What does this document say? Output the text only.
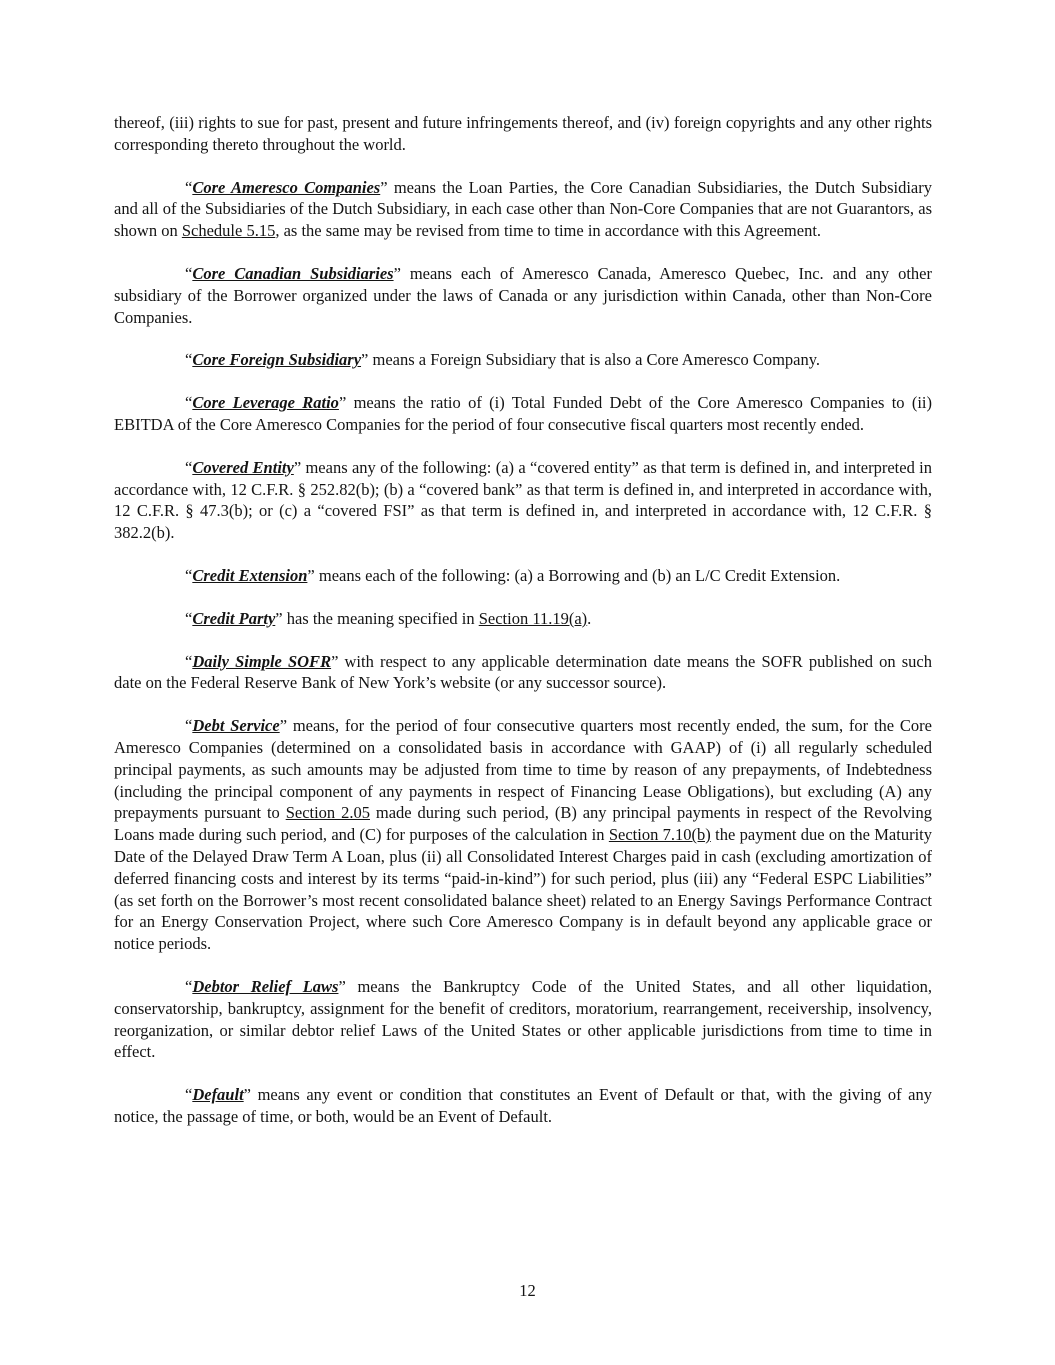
thereof, (iii) rights to sue for past, present and future infringements thereof, and (iv) foreign copyrights and any other rights corresponding thereto throughout the world.

“Core Ameresco Companies” means the Loan Parties, the Core Canadian Subsidiaries, the Dutch Subsidiary and all of the Subsidiaries of the Dutch Subsidiary, in each case other than Non-Core Companies that are not Guarantors, as shown on Schedule 5.15, as the same may be revised from time to time in accordance with this Agreement.

“Core Canadian Subsidiaries” means each of Ameresco Canada, Ameresco Quebec, Inc. and any other subsidiary of the Borrower organized under the laws of Canada or any jurisdiction within Canada, other than Non-Core Companies.

“Core Foreign Subsidiary” means a Foreign Subsidiary that is also a Core Ameresco Company.

“Core Leverage Ratio” means the ratio of (i) Total Funded Debt of the Core Ameresco Companies to (ii) EBITDA of the Core Ameresco Companies for the period of four consecutive fiscal quarters most recently ended.

“Covered Entity” means any of the following: (a) a “covered entity” as that term is defined in, and interpreted in accordance with, 12 C.F.R. § 252.82(b); (b) a “covered bank” as that term is defined in, and interpreted in accordance with, 12 C.F.R. § 47.3(b); or (c) a “covered FSI” as that term is defined in, and interpreted in accordance with, 12 C.F.R. § 382.2(b).

“Credit Extension” means each of the following: (a) a Borrowing and (b) an L/C Credit Extension.

“Credit Party” has the meaning specified in Section 11.19(a).

“Daily Simple SOFR” with respect to any applicable determination date means the SOFR published on such date on the Federal Reserve Bank of New York’s website (or any successor source).

“Debt Service” means, for the period of four consecutive quarters most recently ended, the sum, for the Core Ameresco Companies (determined on a consolidated basis in accordance with GAAP) of (i) all regularly scheduled principal payments, as such amounts may be adjusted from time to time by reason of any prepayments, of Indebtedness (including the principal component of any payments in respect of Financing Lease Obligations), but excluding (A) any prepayments pursuant to Section 2.05 made during such period, (B) any principal payments in respect of the Revolving Loans made during such period, and (C) for purposes of the calculation in Section 7.10(b) the payment due on the Maturity Date of the Delayed Draw Term A Loan, plus (ii) all Consolidated Interest Charges paid in cash (excluding amortization of deferred financing costs and interest by its terms “paid-in-kind”) for such period, plus (iii) any “Federal ESPC Liabilities” (as set forth on the Borrower’s most recent consolidated balance sheet) related to an Energy Savings Performance Contract for an Energy Conservation Project, where such Core Ameresco Company is in default beyond any applicable grace or notice periods.

“Debtor Relief Laws” means the Bankruptcy Code of the United States, and all other liquidation, conservatorship, bankruptcy, assignment for the benefit of creditors, moratorium, rearrangement, receivership, insolvency, reorganization, or similar debtor relief Laws of the United States or other applicable jurisdictions from time to time in effect.

“Default” means any event or condition that constitutes an Event of Default or that, with the giving of any notice, the passage of time, or both, would be an Event of Default.

12
